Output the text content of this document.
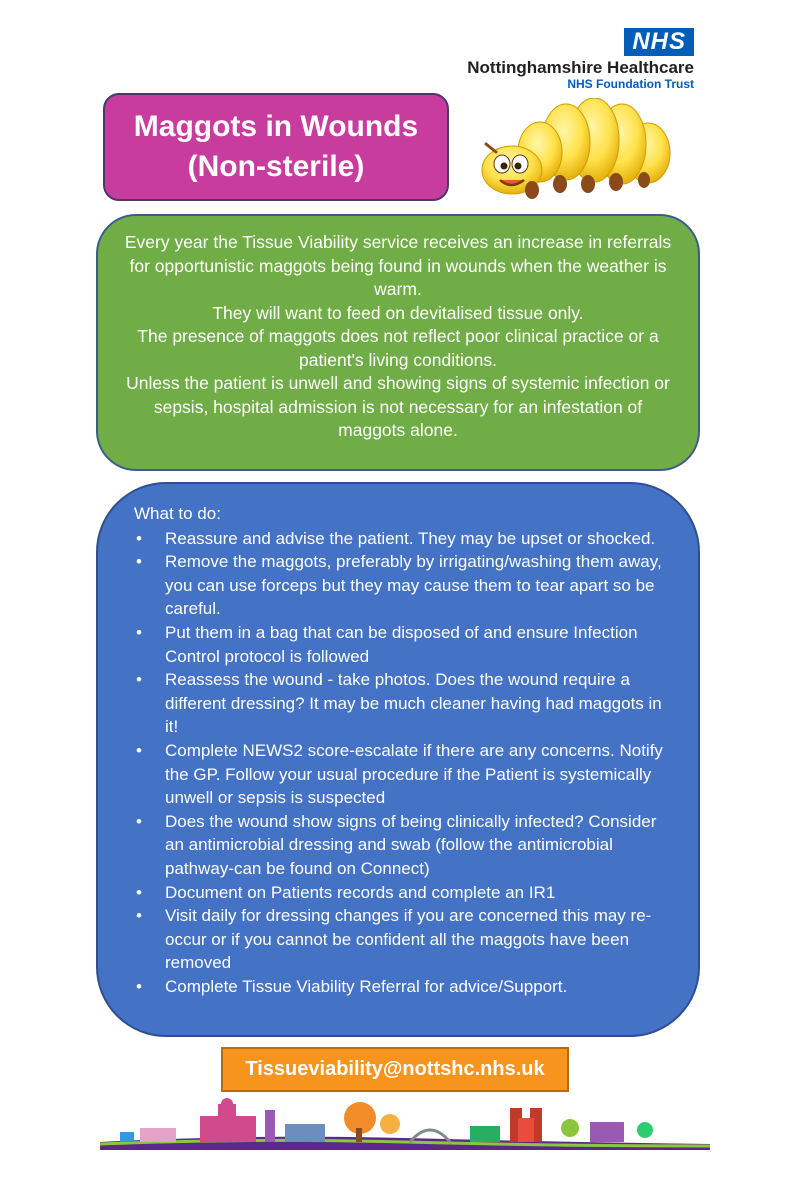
NHS
Nottinghamshire Healthcare
NHS Foundation Trust
Maggots in Wounds
(Non-sterile)

Every year the Tissue Viability service receives an increase in referrals for opportunistic maggots being found in wounds when the weather is warm.

They will want to feed on devitalised tissue only.

The presence of maggots does not reflect poor clinical practice or a patient's living conditions.

Unless the patient is unwell and showing signs of systemic infection or sepsis, hospital admission is not necessary for an infestation of maggots alone.

What to do:

• Reassure and advise the patient. They may be upset or shocked.
• Remove the maggots, preferably by irrigating/washing them away, you can use forceps but they may cause them to tear apart so be careful.
• Put them in a bag that can be disposed of and ensure Infection Control protocol is followed
• Reassess the wound - take photos. Does the wound require a different dressing? It may be much cleaner having had maggots in it!
• Complete NEWS2 score-escalate if there are any concerns. Notify the GP. Follow your usual procedure if the Patient is systemically unwell or sepsis is suspected
• Does the wound show signs of being clinically infected? Consider an antimicrobial dressing and swab (follow the antimicrobial pathway-can be found on Connect)
• Document on Patients records and complete an IR1
• Visit daily for dressing changes if you are concerned this may re-occur or if you cannot be confident all the maggots have been removed
• Complete Tissue Viability Referral for advice/Support.
Tissueviability@nottshc.nhs.uk
